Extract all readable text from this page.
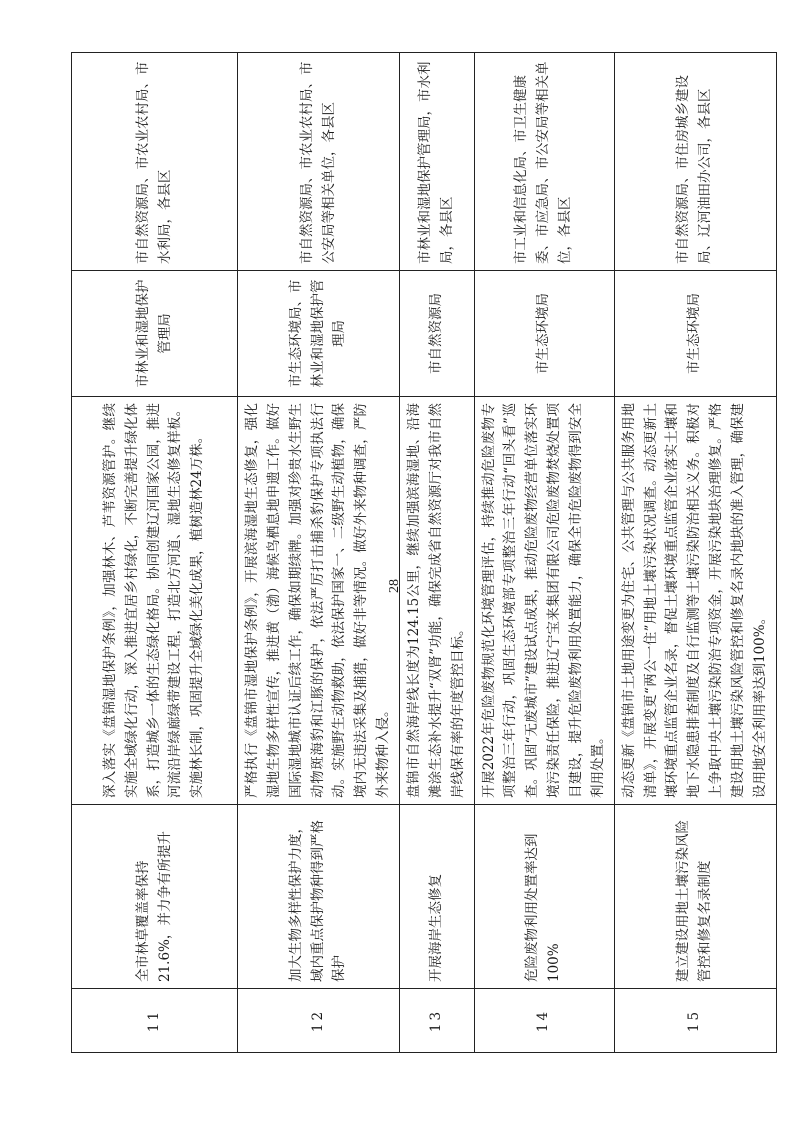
11	全市林草覆盖率保持21.6%，并力争有所提升	深入落实《盘锦湿地保护条例》，加强林木、芦苇资源管护。继续实施全域绿化行动，深入推进宜居乡村绿化，不断完善提升绿化体系，打造城乡一体的生态绿化格局。协同创建辽河国家公园，推进河流沿岸绿廊绿带建设工程，打造北方河道、湿地生态修复样板。实施林长制，巩固提升全域绿化美化成果，植树造林24万株。	市林业和湿地保护管理局	市自然资源局、市农业农村局、市水利局，各县区
12	加大生物多样性保护力度，域内重点保护物种得到严格保护	严格执行《盘锦市湿地保护条例》，开展滨海湿地生态修复，强化湿地生物多样性宣传，推进黄（渤）海候鸟栖息地申遗工作。做好国际湿地城市认证后续工作，确保如期续牌。加强对珍贵水生野生动物斑海豹和江豚的保护，依法严厉打击捕杀豹保护专项执法行动。实施野生动物救助，依法保护国家一、二级野生动植物，确保境内无违法采集及捕猎，做好非等情况。做好外来物种调查，严防外来物种入侵。	市生态环境局、市林业和湿地保护管理局	市自然资源局、市农业农村局、市公安局等相关单位，各县区
13	开展海岸生态修复	盘锦市自然海岸线长度为124.15公里，继续加强滨海湿地、沿海滩涂生态补水提升“双肾”功能，确保完成省自然资源厅对我市自然岸线保有率的年度管控目标。	市自然资源局	市林业和湿地保护管理局，市水利局，各县区
14	危险废物利用处置率达到100%	开展2022年危险废物规范化环境管理评估，持续推动危险废物专项整治三年行动，巩固生态环境部专项整治三年行动“回头看”巡查。巩固“无废城市”建设试点成果，推动危险废物经营单位落实环境污染责任保险，推进辽宁宝来集团有限公司危险废物焚烧处置项目建设，提升危险废物利用处置能力，确保全市危险废物得到安全利用处置。	市生态环境局	市工业和信息化局、市卫生健康委、市应急局、市公安局等相关单位，各县区
15	建立建设用地土壤污染风险管控和修复名录制度	动态更新《盘锦市土地用途变更为住宅、公共管理与公共服务用地清单》，开展变更“两公一住”用地土壤污染状况调查。动态更新土壤环境重点监管企业名录，督促土壤环境重点监管企业落实土壤和地下水隐患排查制度及自行监测等土壤污染防治相关义务。积极对上争取中央土壤污染防治专项资金，开展污染地块治理修复。严格建设用地土壤污染风险管控和修复名录内地块的准入管理，确保建设用地安全利用率达到100%。	市生态环境局	市自然资源局、市住房城乡建设局、辽河油田办公司，各县区
28
